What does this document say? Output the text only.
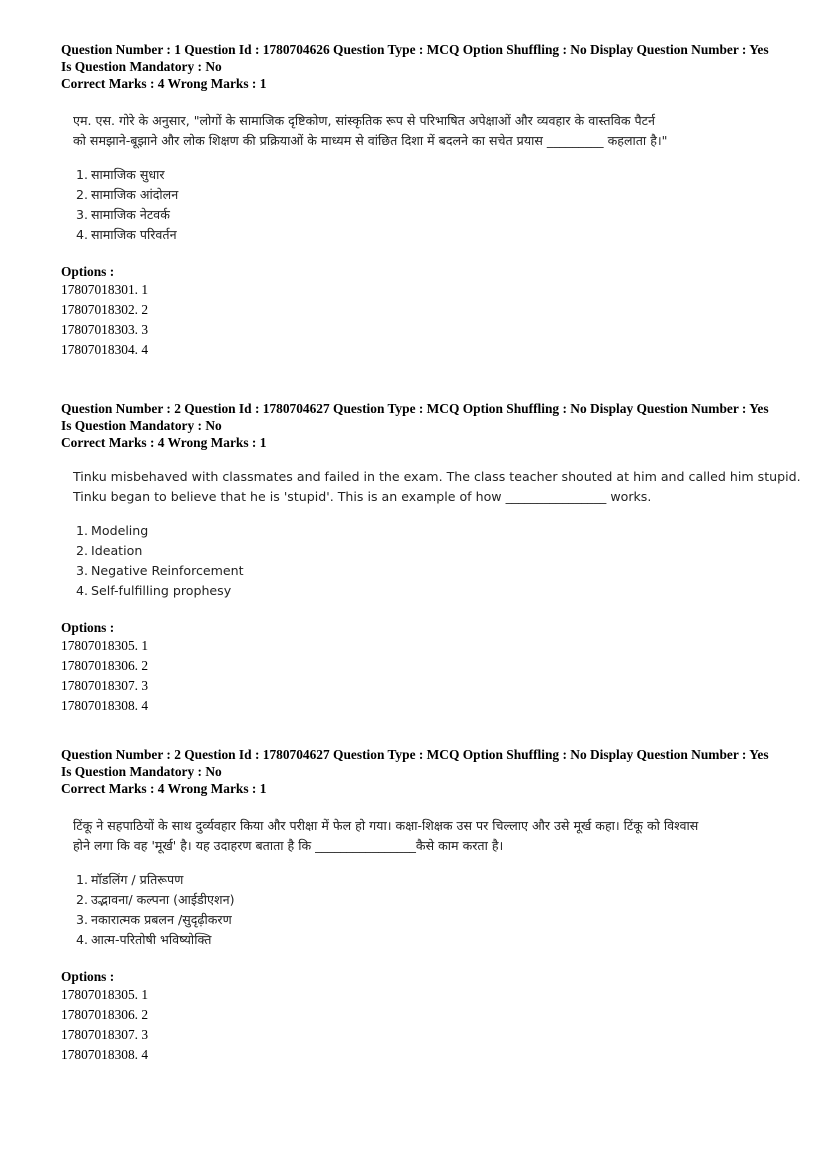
Question Number : 1 Question Id : 1780704626 Question Type : MCQ Option Shuffling : No Display Question Number : Yes

Is Question Mandatory : No

Correct Marks : 4 Wrong Marks : 1

एम. एस. गोरे के अनुसार, "लोगों के सामाजिक दृष्टिकोण, सांस्कृतिक रूप से परिभाषित अपेक्षाओं और व्यवहार के वास्तविक पैटर्न

को समझाने-बूझाने और लोक शिक्षण की प्रक्रियाओं के माध्यम से वांछित दिशा में बदलने का सचेत प्रयास _________ कहलाता है।"

1. सामाजिक सुधार
2. सामाजिक आंदोलन
3. सामाजिक नेटवर्क
4. सामाजिक परिवर्तन

Options :

17807018301. 1
17807018302. 2
17807018303. 3
17807018304. 4

Question Number : 2 Question Id : 1780704627 Question Type : MCQ Option Shuffling : No Display Question Number : Yes

Is Question Mandatory : No

Correct Marks : 4 Wrong Marks : 1

Tinku misbehaved with classmates and failed in the exam. The class teacher shouted at him and called him stupid.

Tinku began to believe that he is 'stupid'. This is an example of how ________________ works.

1. Modeling
2. Ideation
3. Negative Reinforcement
4. Self-fulfilling prophesy

Options :

17807018305. 1
17807018306. 2
17807018307. 3
17807018308. 4

Question Number : 2 Question Id : 1780704627 Question Type : MCQ Option Shuffling : No Display Question Number : Yes

Is Question Mandatory : No

Correct Marks : 4 Wrong Marks : 1

टिंकू ने सहपाठियों के साथ दुर्व्यवहार किया और परीक्षा में फेल हो गया। कक्षा-शिक्षक उस पर चिल्लाए और उसे मूर्ख कहा। टिंकू को विश्वास

होने लगा कि वह 'मूर्ख' है। यह उदाहरण बताता है कि ________________कैसे काम करता है।

1. मॉडलिंग / प्रतिरूपण
2. उद्भावना/ कल्पना (आईडीएशन)
3. नकारात्मक प्रबलन /सुदृढ़ीकरण
4. आत्म-परितोषी भविष्योक्ति

Options :

17807018305. 1
17807018306. 2
17807018307. 3
17807018308. 4
